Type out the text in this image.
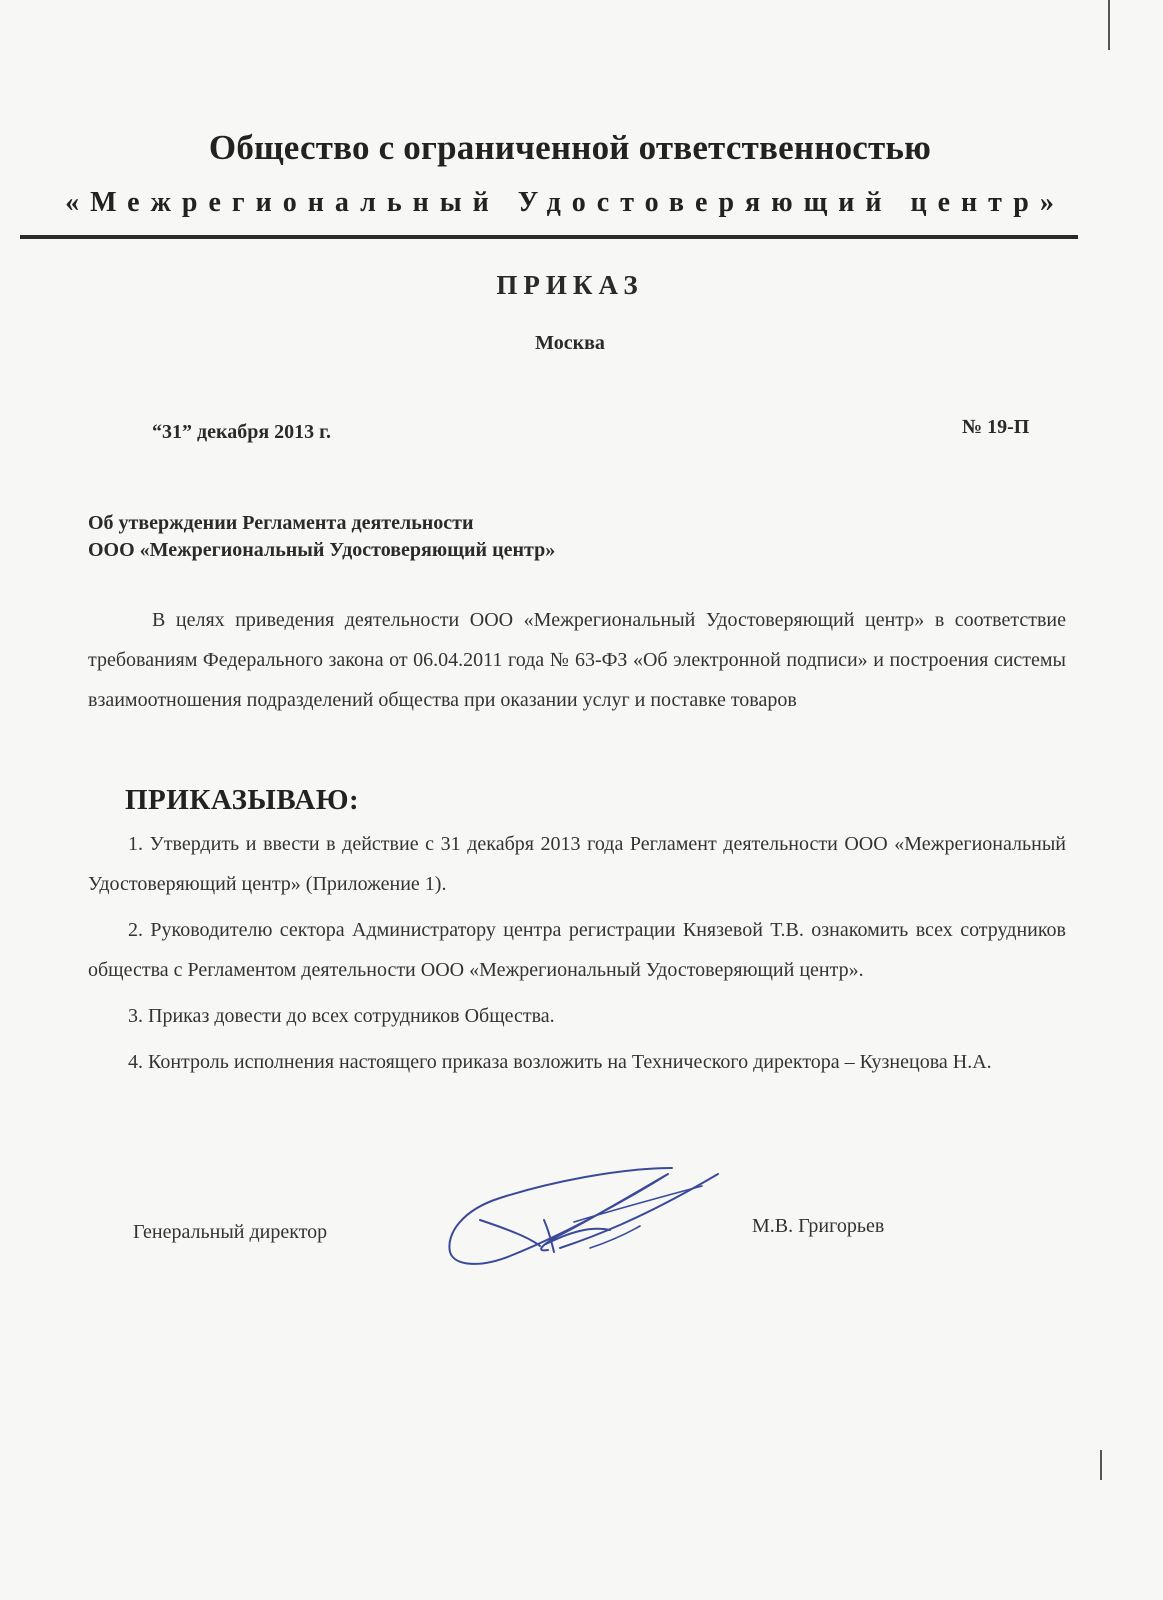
Общество с ограниченной ответственностью
«Межрегиональный Удостоверяющий центр»
ПРИКАЗ
Москва
“31” декабря 2013 г.	№ 19-П
Об утверждении Регламента деятельности
ООО «Межрегиональный Удостоверяющий центр»

В целях приведения деятельности ООО «Межрегиональный Удостоверяющий центр» в соответствие требованиям Федерального закона от 06.04.2011 года № 63-ФЗ «Об электронной подписи» и построения системы взаимоотношения подразделений общества при оказании услуг и поставке товаров

ПРИКАЗЫВАЮ:
1. Утвердить и ввести в действие с 31 декабря 2013 года Регламент деятельности ООО «Межрегиональный Удостоверяющий центр» (Приложение 1).
2. Руководителю сектора Администратору центра регистрации Князевой Т.В. ознакомить всех сотрудников общества с Регламентом деятельности ООО «Межрегиональный Удостоверяющий центр».
3. Приказ довести до всех сотрудников Общества.
4. Контроль исполнения настоящего приказа возложить на Технического директора – Кузнецова Н.А.
Генеральный директор	М.В. Григорьев
